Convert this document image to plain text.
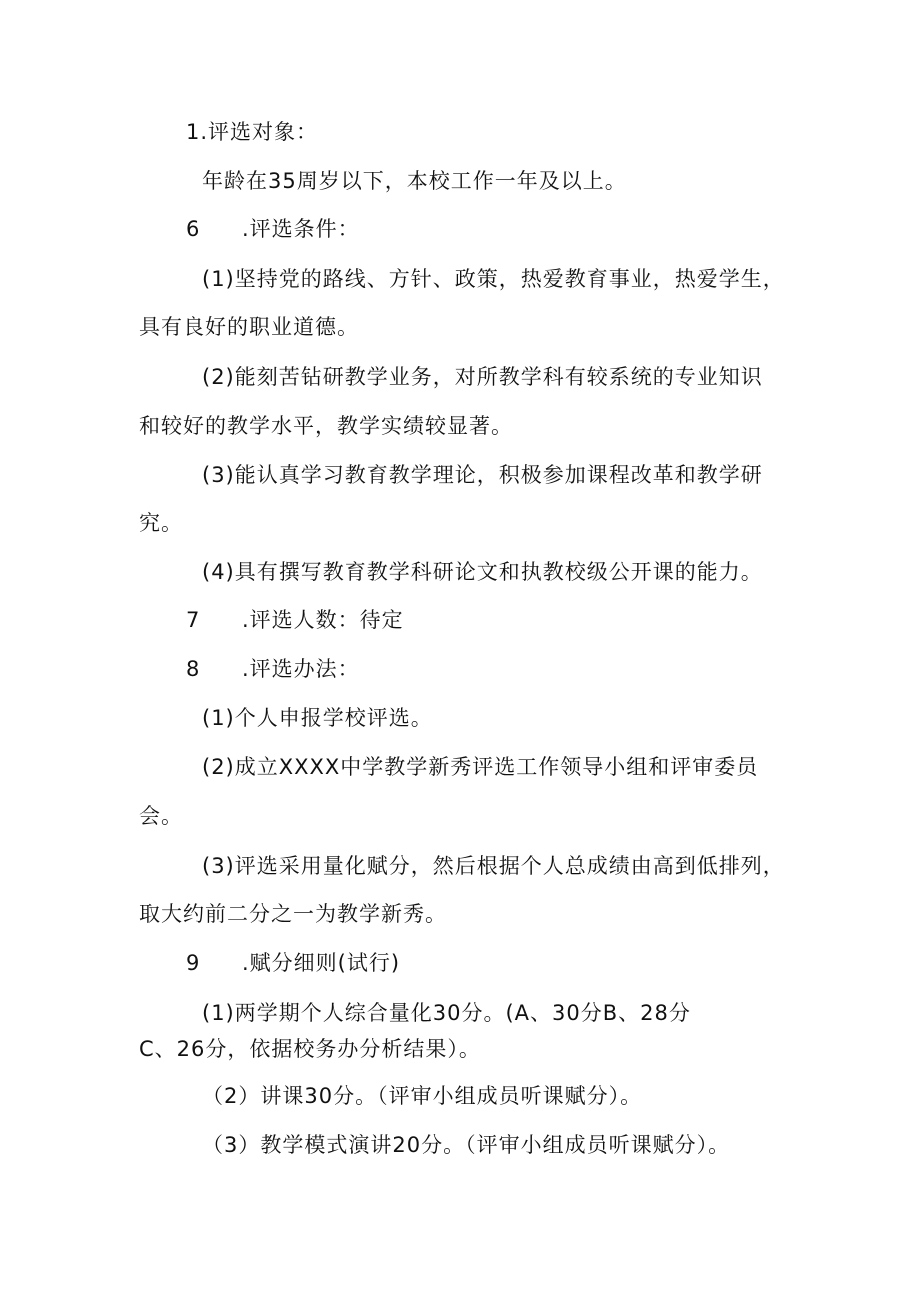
1.评选对象：
年龄在35周岁以下，本校工作一年及以上。
6 .评选条件：
(1)坚持党的路线、方针、政策，热爱教育事业，热爱学生，
具有良好的职业道德。
(2)能刻苦钻研教学业务，对所教学科有较系统的专业知识
和较好的教学水平，教学实绩较显著。
(3)能认真学习教育教学理论，积极参加课程改革和教学研
究。
(4)具有撰写教育教学科研论文和执教校级公开课的能力。
7 .评选人数：待定
8 .评选办法：
(1)个人申报学校评选。
(2)成立XXXX中学教学新秀评选工作领导小组和评审委员
会。
(3)评选采用量化赋分，然后根据个人总成绩由高到低排列，
取大约前二分之一为教学新秀。
9 .赋分细则(试行)
(1)两学期个人综合量化30分。(A、30分B、28分
C、26分，依据校务办分析结果）。
（2）讲课30分。（评审小组成员听课赋分）。
（3）教学模式演讲20分。（评审小组成员听课赋分）。
